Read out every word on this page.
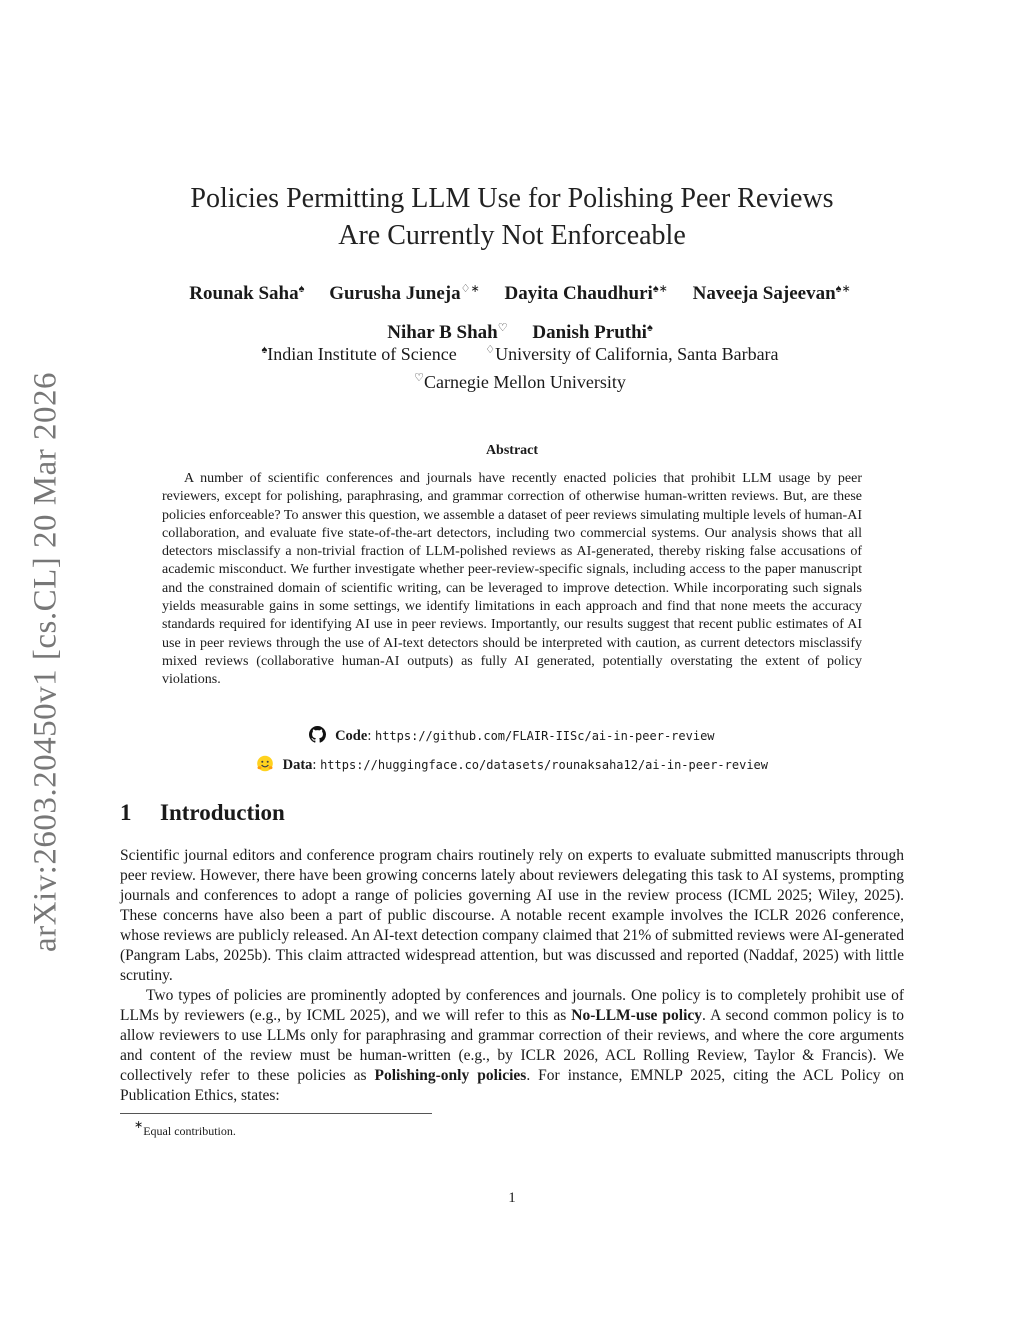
arXiv:2603.20450v1 [cs.CL] 20 Mar 2026
Policies Permitting LLM Use for Polishing Peer Reviews
Are Currently Not Enforceable
Rounak Saha♠ Gurusha Juneja♢∗ Dayita Chaudhuri♠∗ Naveeja Sajeevan♠∗
Nihar B Shah♡ Danish Pruthi♠
♠Indian Institute of Science	♢University of California, Santa Barbara
♡Carnegie Mellon University
Abstract

A number of scientific conferences and journals have recently enacted policies that prohibit LLM usage by peer reviewers, except for polishing, paraphrasing, and grammar correction of otherwise human-written reviews. But, are these policies enforceable? To answer this question, we assemble a dataset of peer reviews simulating multiple levels of human-AI collaboration, and evaluate five state-of-the-art detectors, including two commercial systems. Our analysis shows that all detectors misclassify a non-trivial fraction of LLM-polished reviews as AI-generated, thereby risking false accusations of academic misconduct. We further investigate whether peer-review-specific signals, including access to the paper manuscript and the constrained domain of scientific writing, can be leveraged to improve detection. While incorporating such signals yields measurable gains in some settings, we identify limitations in each approach and find that none meets the accuracy standards required for identifying AI use in peer reviews. Importantly, our results suggest that recent public estimates of AI use in peer reviews through the use of AI-text detectors should be interpreted with caution, as current detectors misclassify mixed reviews (collaborative human-AI outputs) as fully AI generated, potentially overstating the extent of policy violations.

Code: https://github.com/FLAIR-IISc/ai-in-peer-review
Data: https://huggingface.co/datasets/rounaksaha12/ai-in-peer-review
1 Introduction

Scientific journal editors and conference program chairs routinely rely on experts to evaluate submitted manuscripts through peer review. However, there have been growing concerns lately about reviewers delegating this task to AI systems, prompting journals and conferences to adopt a range of policies governing AI use in the review process (ICML 2025; Wiley, 2025). These concerns have also been a part of public discourse. A notable recent example involves the ICLR 2026 conference, whose reviews are publicly released. An AI-text detection company claimed that 21% of submitted reviews were AI-generated (Pangram Labs, 2025b). This claim attracted widespread attention, but was discussed and reported (Naddaf, 2025) with little scrutiny.

Two types of policies are prominently adopted by conferences and journals. One policy is to completely prohibit use of LLMs by reviewers (e.g., by ICML 2025), and we will refer to this as No-LLM-use policy. A second common policy is to allow reviewers to use LLMs only for paraphrasing and grammar correction of their reviews, and where the core arguments and content of the review must be human-written (e.g., by ICLR 2026, ACL Rolling Review, Taylor & Francis). We collectively refer to these policies as Polishing-only policies. For instance, EMNLP 2025, citing the ACL Policy on Publication Ethics, states:

∗Equal contribution.
1
